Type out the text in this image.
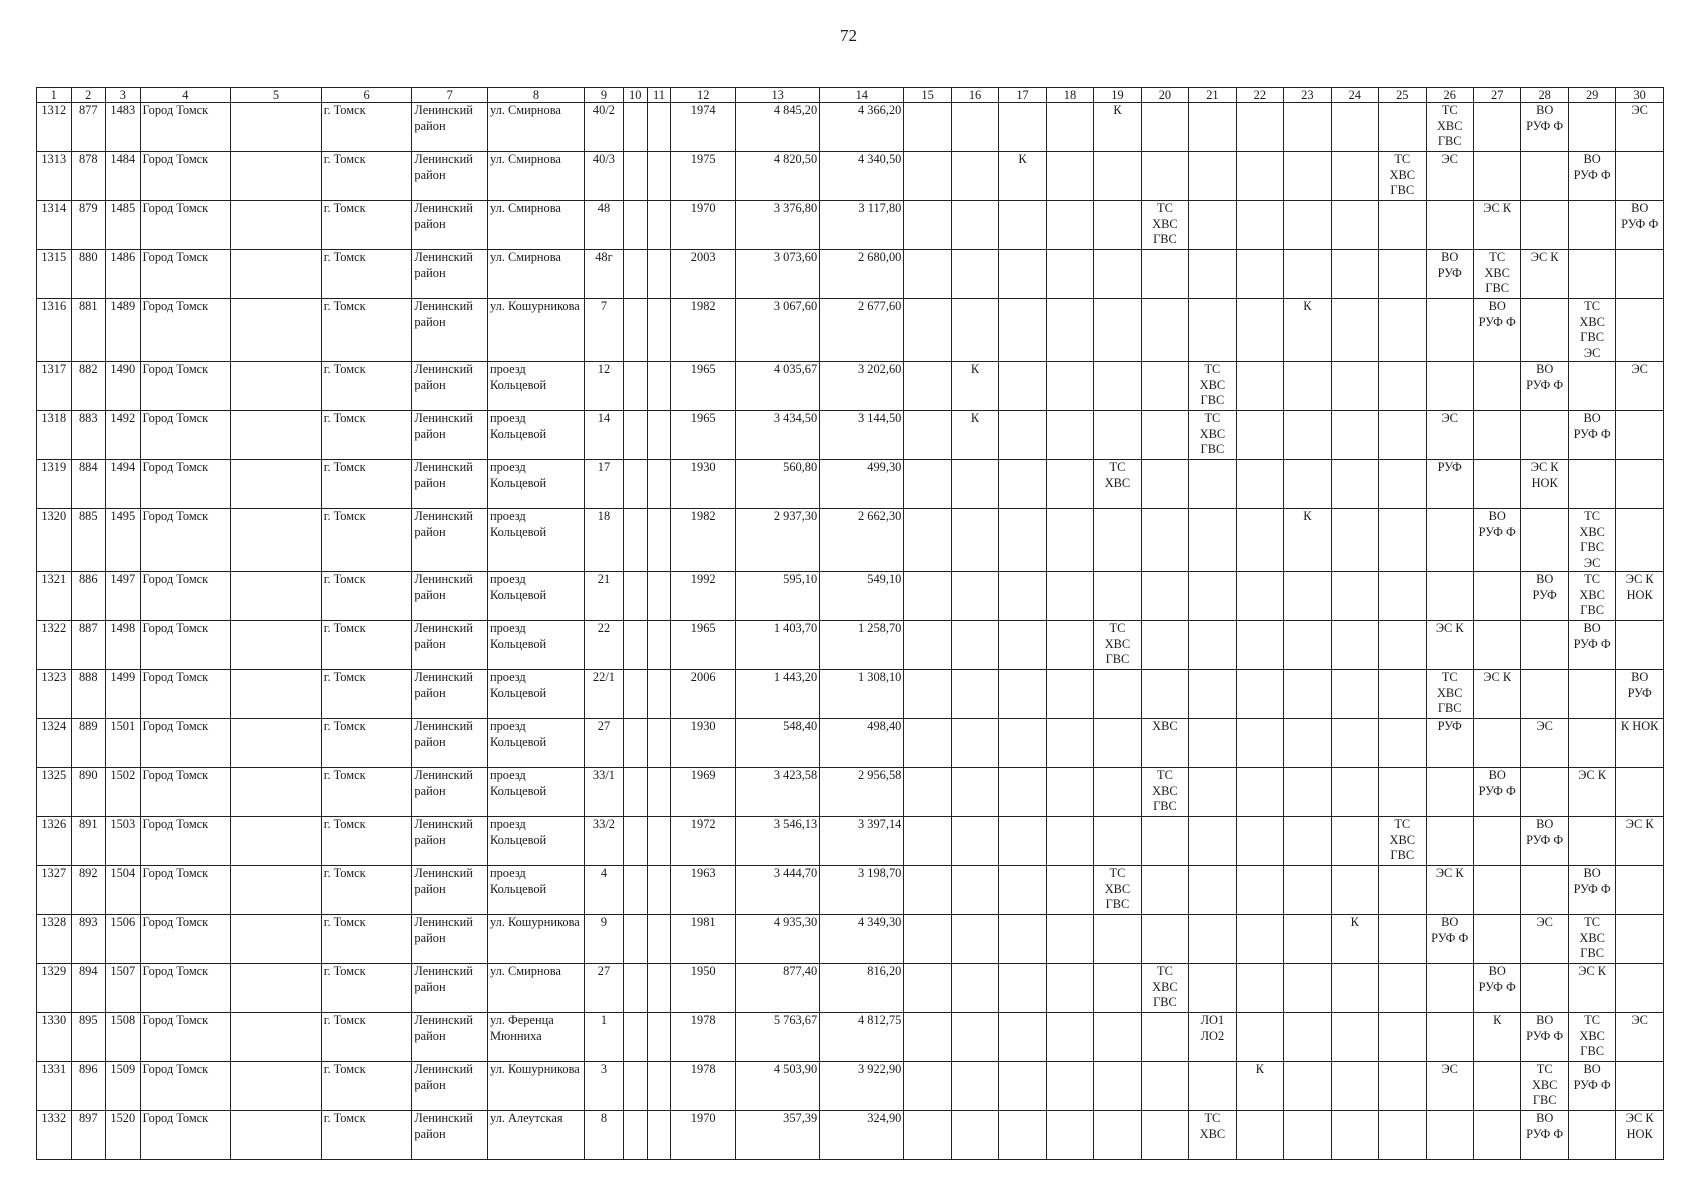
72
1	2	3	4	5	6	7	8	9	10	11	12	13	14	15	16	17	18	19	20	21	22	23	24	25	26	27	28	29	30
1312	877	1483	Город Томск		г. Томск	Ленинский район	ул. Смирнова	40/2			1974	4 845,20	4 366,20					К							ТС
ХВС
ГВС		ВО
РУФ Ф		ЭС
1313	878	1484	Город Томск		г. Томск	Ленинский район	ул. Смирнова	40/3			1975	4 820,50	4 340,50			К								ТС
ХВС
ГВС	ЭС			ВО
РУФ Ф	
1314	879	1485	Город Томск		г. Томск	Ленинский район	ул. Смирнова	48			1970	3 376,80	3 117,80						ТС
ХВС
ГВС							ЭС К			ВО
РУФ Ф
1315	880	1486	Город Томск		г. Томск	Ленинский район	ул. Смирнова	48г			2003	3 073,60	2 680,00												ВО
РУФ	ТС
ХВС
ГВС	ЭС К		
1316	881	1489	Город Томск		г. Томск	Ленинский район	ул. Кошурникова	7			1982	3 067,60	2 677,60									К				ВО
РУФ Ф		ТС
ХВС
ГВС
ЭС	
1317	882	1490	Город Томск		г. Томск	Ленинский район	проезд Кольцевой	12			1965	4 035,67	3 202,60		К					ТС
ХВС
ГВС							ВО
РУФ Ф		ЭС
1318	883	1492	Город Томск		г. Томск	Ленинский район	проезд Кольцевой	14			1965	3 434,50	3 144,50		К					ТС
ХВС
ГВС					ЭС			ВО
РУФ Ф	
1319	884	1494	Город Томск		г. Томск	Ленинский район	проезд Кольцевой	17			1930	560,80	499,30					ТС
ХВС							РУФ		ЭС К
НОК		
1320	885	1495	Город Томск		г. Томск	Ленинский район	проезд Кольцевой	18			1982	2 937,30	2 662,30									К				ВО
РУФ Ф		ТС
ХВС
ГВС
ЭС	
1321	886	1497	Город Томск		г. Томск	Ленинский район	проезд Кольцевой	21			1992	595,10	549,10														ВО
РУФ	ТС
ХВС
ГВС	ЭС К
НОК
1322	887	1498	Город Томск		г. Томск	Ленинский район	проезд Кольцевой	22			1965	1 403,70	1 258,70					ТС
ХВС
ГВС							ЭС К			ВО
РУФ Ф	
1323	888	1499	Город Томск		г. Томск	Ленинский район	проезд Кольцевой	22/1			2006	1 443,20	1 308,10												ТС
ХВС
ГВС	ЭС К			ВО
РУФ
1324	889	1501	Город Томск		г. Томск	Ленинский район	проезд Кольцевой	27			1930	548,40	498,40						ХВС						РУФ		ЭС		К НОК
1325	890	1502	Город Томск		г. Томск	Ленинский район	проезд Кольцевой	33/1			1969	3 423,58	2 956,58						ТС
ХВС
ГВС							ВО
РУФ Ф		ЭС К	
1326	891	1503	Город Томск		г. Томск	Ленинский район	проезд Кольцевой	33/2			1972	3 546,13	3 397,14											ТС
ХВС
ГВС			ВО
РУФ Ф		ЭС К
1327	892	1504	Город Томск		г. Томск	Ленинский район	проезд Кольцевой	4			1963	3 444,70	3 198,70					ТС
ХВС
ГВС							ЭС К			ВО
РУФ Ф	
1328	893	1506	Город Томск		г. Томск	Ленинский район	ул. Кошурникова	9			1981	4 935,30	4 349,30										К		ВО
РУФ Ф		ЭС	ТС
ХВС
ГВС	
1329	894	1507	Город Томск		г. Томск	Ленинский район	ул. Смирнова	27			1950	877,40	816,20						ТС
ХВС
ГВС							ВО
РУФ Ф		ЭС К	
1330	895	1508	Город Томск		г. Томск	Ленинский район	ул. Ференца Мюнниха	1			1978	5 763,67	4 812,75							ЛО1
ЛО2						К	ВО
РУФ Ф	ТС
ХВС
ГВС	ЭС
1331	896	1509	Город Томск		г. Томск	Ленинский район	ул. Кошурникова	3			1978	4 503,90	3 922,90								К				ЭС		ТС
ХВС
ГВС	ВО
РУФ Ф	
1332	897	1520	Город Томск		г. Томск	Ленинский район	ул. Алеутская	8			1970	357,39	324,90							ТС
ХВС							ВО
РУФ Ф		ЭС К
НОК
